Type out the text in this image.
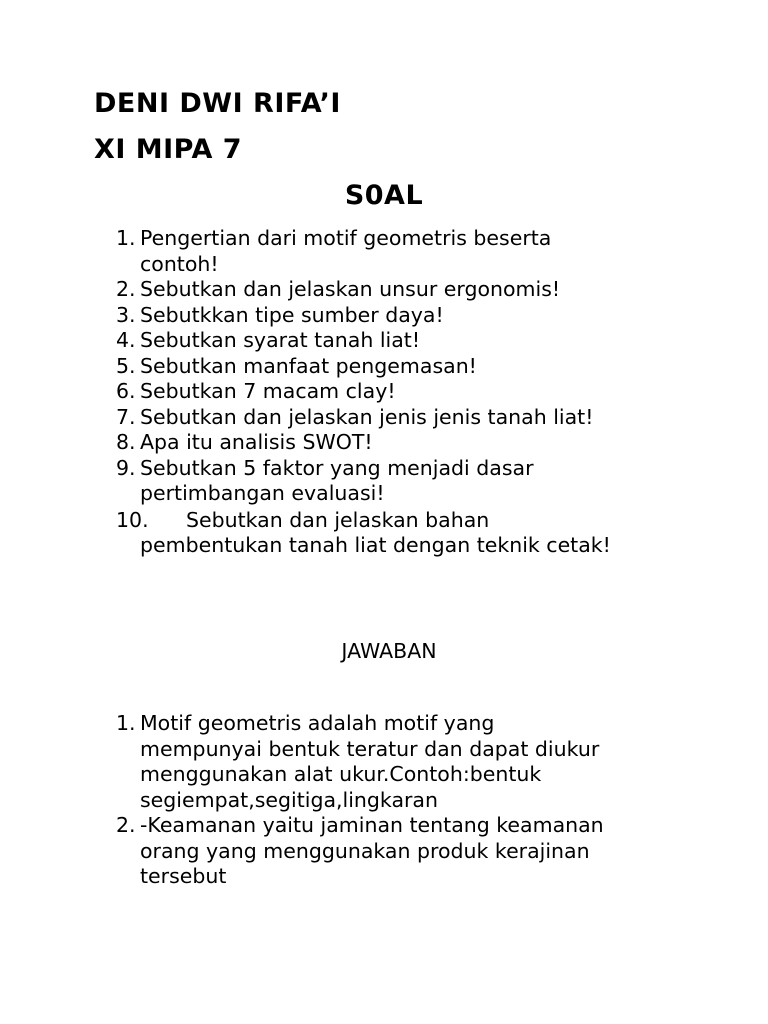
DENI DWI RIFA’I
XI MIPA 7
S0AL
1. Pengertian dari motif geometris beserta
contoh!
2. Sebutkan dan jelaskan unsur ergonomis!
3. Sebutkkan tipe sumber daya!
4. Sebutkan syarat tanah liat!
5. Sebutkan manfaat pengemasan!
6. Sebutkan 7 macam clay!
7. Sebutkan dan jelaskan jenis jenis tanah liat!
8. Apa itu analisis SWOT!
9. Sebutkan 5 faktor yang menjadi dasar
pertimbangan evaluasi!
10.	Sebutkan dan jelaskan bahan
pembentukan tanah liat dengan teknik cetak!
JAWABAN
1. Motif geometris adalah motif yang
mempunyai bentuk teratur dan dapat diukur
menggunakan alat ukur.Contoh:bentuk
segiempat,segitiga,lingkaran
2. -Keamanan yaitu jaminan tentang keamanan
orang yang menggunakan produk kerajinan
tersebut
